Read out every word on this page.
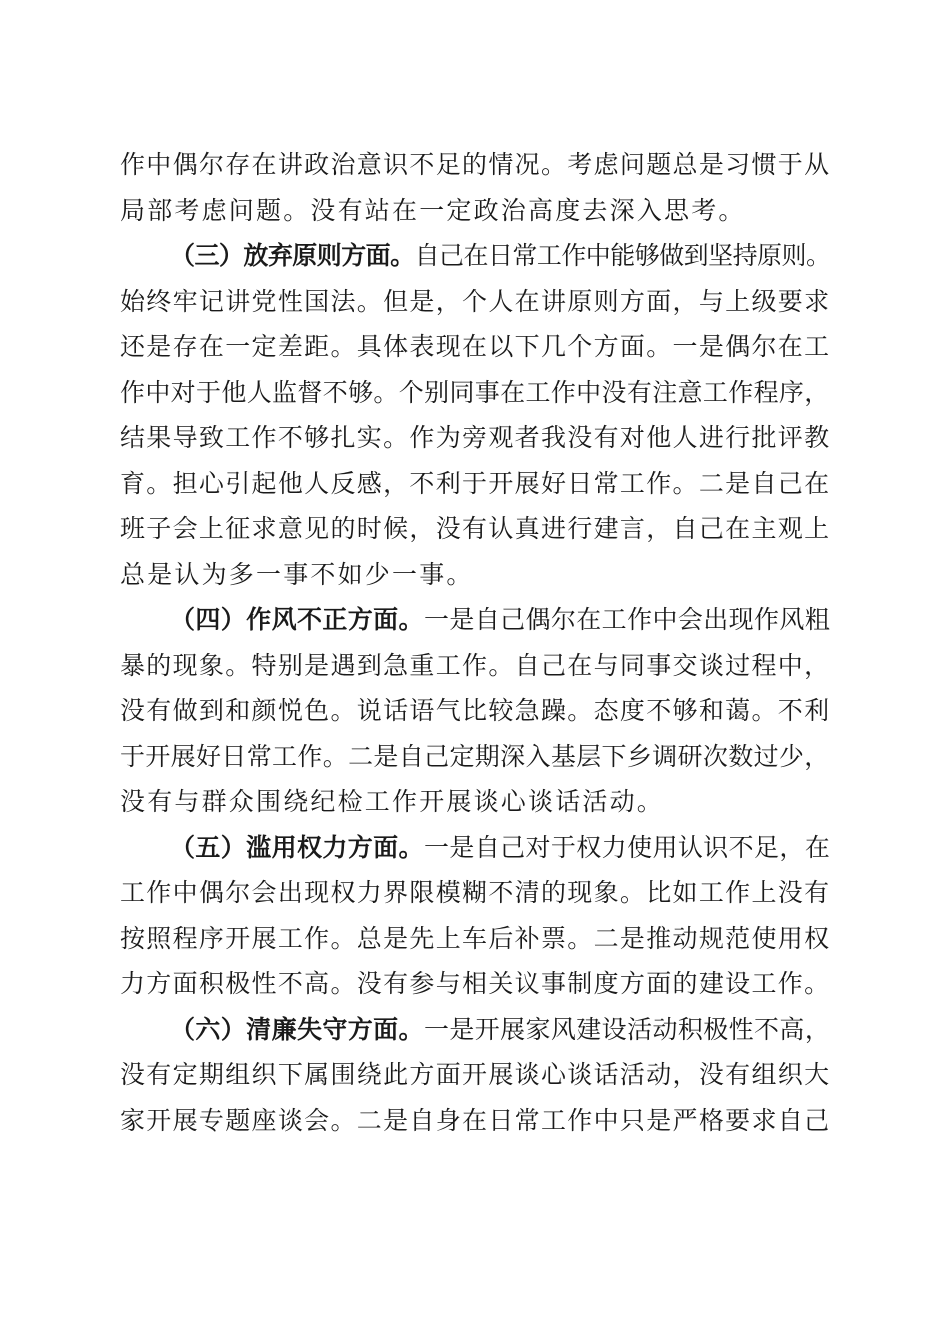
作中偶尔存在讲政治意识不足的情况。考虑问题总是习惯于从
局部考虑问题。没有站在一定政治高度去深入思考。
（三）放弃原则方面。自己在日常工作中能够做到坚持原则。
始终牢记讲党性国法。但是，个人在讲原则方面，与上级要求
还是存在一定差距。具体表现在以下几个方面。一是偶尔在工
作中对于他人监督不够。个别同事在工作中没有注意工作程序，
结果导致工作不够扎实。作为旁观者我没有对他人进行批评教
育。担心引起他人反感，不利于开展好日常工作。二是自己在
班子会上征求意见的时候，没有认真进行建言，自己在主观上
总是认为多一事不如少一事。
（四）作风不正方面。一是自己偶尔在工作中会出现作风粗
暴的现象。特别是遇到急重工作。自己在与同事交谈过程中，
没有做到和颜悦色。说话语气比较急躁。态度不够和蔼。不利
于开展好日常工作。二是自己定期深入基层下乡调研次数过少，
没有与群众围绕纪检工作开展谈心谈话活动。
（五）滥用权力方面。一是自己对于权力使用认识不足，在
工作中偶尔会出现权力界限模糊不清的现象。比如工作上没有
按照程序开展工作。总是先上车后补票。二是推动规范使用权
力方面积极性不高。没有参与相关议事制度方面的建设工作。
（六）清廉失守方面。一是开展家风建设活动积极性不高，
没有定期组织下属围绕此方面开展谈心谈话活动，没有组织大
家开展专题座谈会。二是自身在日常工作中只是严格要求自己
